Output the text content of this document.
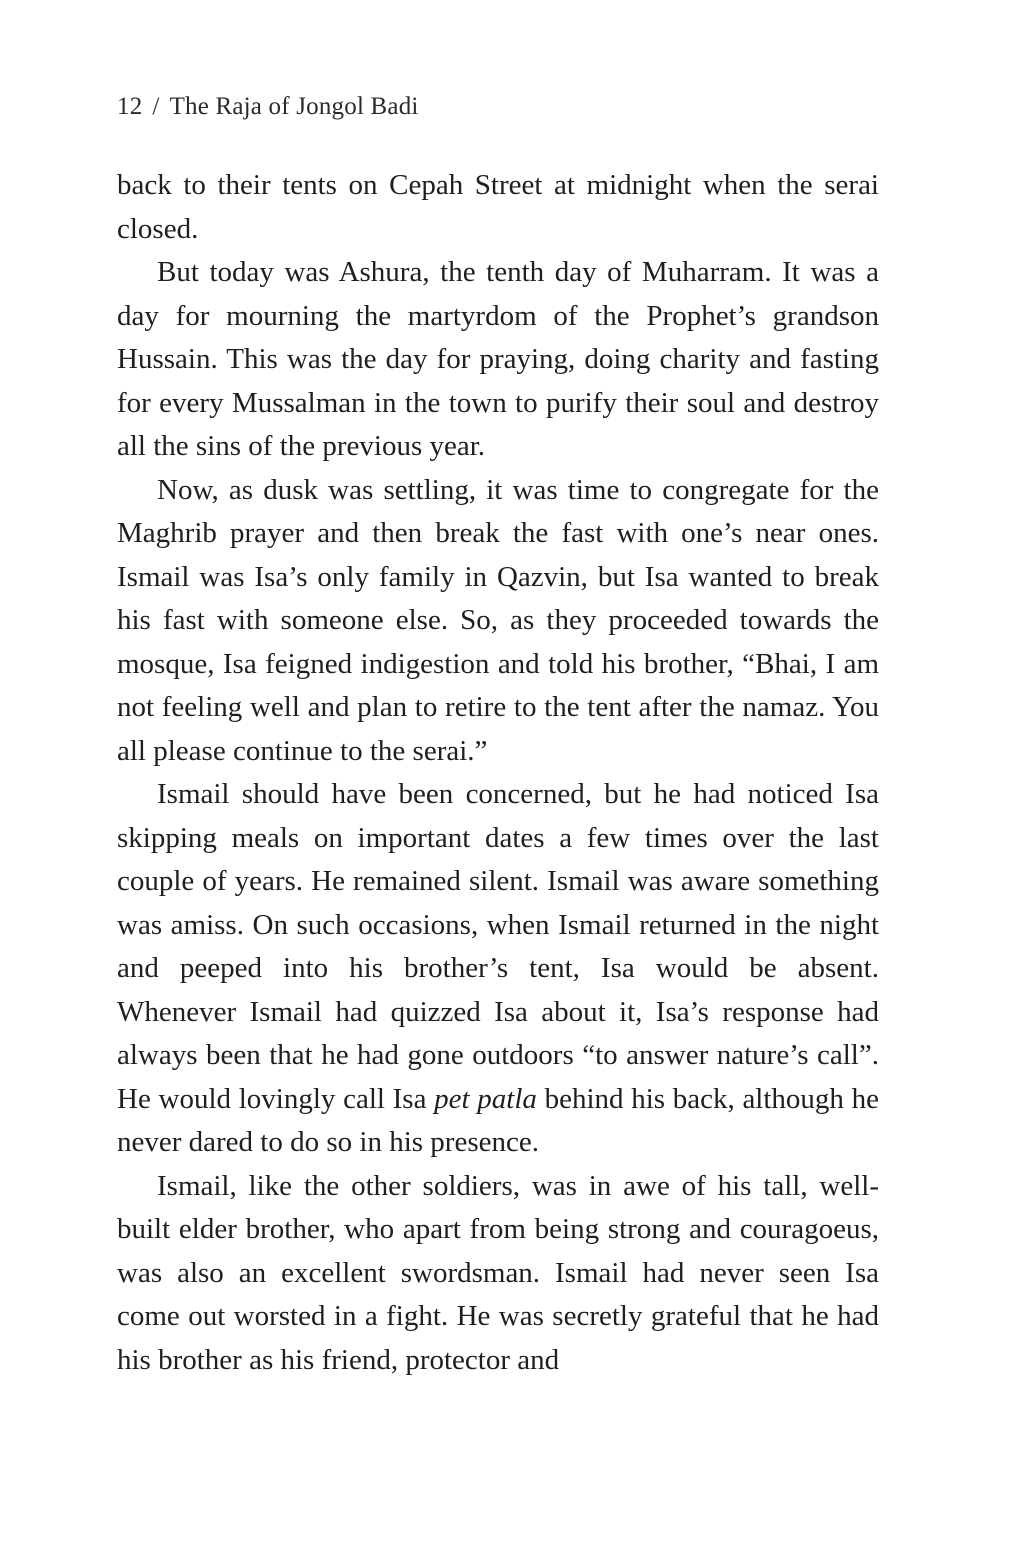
12 / The Raja of Jongol Badi

back to their tents on Cepah Street at midnight when the serai closed.

But today was Ashura, the tenth day of Muharram. It was a day for mourning the martyrdom of the Prophet’s grandson Hussain. This was the day for praying, doing charity and fasting for every Mussalman in the town to purify their soul and destroy all the sins of the previous year.

Now, as dusk was settling, it was time to congregate for the Maghrib prayer and then break the fast with one’s near ones. Ismail was Isa’s only family in Qazvin, but Isa wanted to break his fast with someone else. So, as they proceeded towards the mosque, Isa feigned indigestion and told his brother, “Bhai, I am not feeling well and plan to retire to the tent after the namaz. You all please continue to the serai.”

Ismail should have been concerned, but he had noticed Isa skipping meals on important dates a few times over the last couple of years. He remained silent. Ismail was aware something was amiss. On such occasions, when Ismail returned in the night and peeped into his brother’s tent, Isa would be absent. Whenever Ismail had quizzed Isa about it, Isa’s response had always been that he had gone outdoors “to answer nature’s call”. He would lovingly call Isa pet patla behind his back, although he never dared to do so in his presence.

Ismail, like the other soldiers, was in awe of his tall, well-built elder brother, who apart from being strong and couragoeus, was also an excellent swordsman. Ismail had never seen Isa come out worsted in a fight. He was secretly grateful that he had his brother as his friend, protector and
